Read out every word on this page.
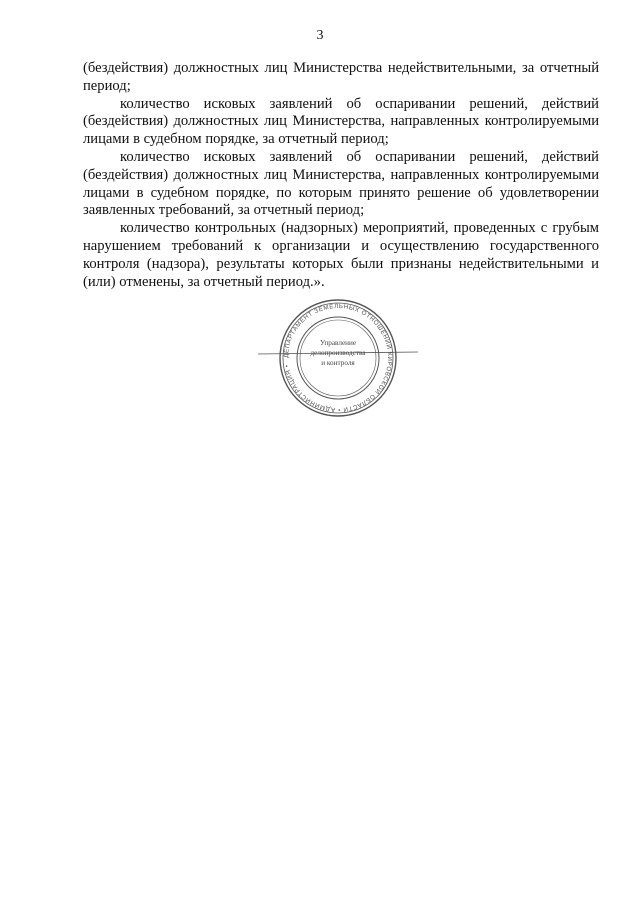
3

(бездействия) должностных лиц Министерства недействительными, за отчетный период;

количество исковых заявлений об оспаривании решений, действий (бездействия) должностных лиц Министерства, направленных контролируемыми лицами в судебном порядке, за отчетный период;

количество исковых заявлений об оспаривании решений, действий (бездействия) должностных лиц Министерства, направленных контролируемыми лицами в судебном порядке, по которым принято решение об удовлетворении заявленных требований, за отчетный период;

количество контрольных (надзорных) мероприятий, проведенных с грубым нарушением требований к организации и осуществлению государственного контроля (надзора), результаты которых были признаны недействительными и (или) отменены, за отчетный период.».

ДЕПАРТАМЕНТ ЗЕМЕЛЬНЫХ ОТНОШЕНИЙ КИРОВСКОЙ ОБЛАСТИ • АДМИНИСТРАЦИЯ •
Управление
делопроизводства
и контроля
